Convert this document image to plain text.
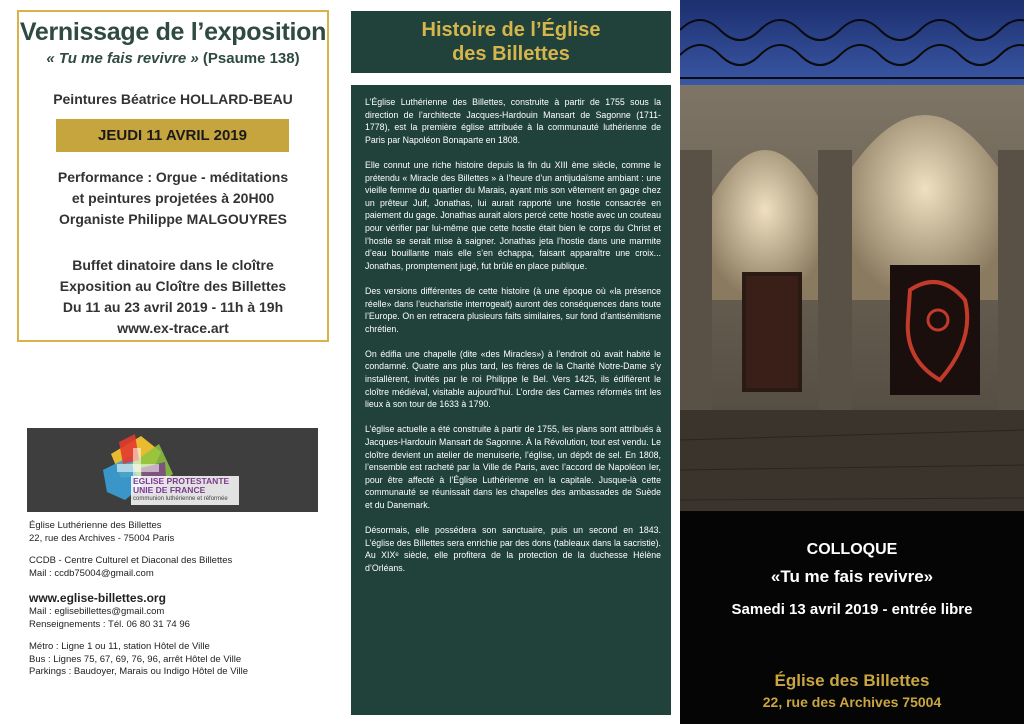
Vernissage de l’exposition
« Tu me fais revivre » (Psaume 138)
Peintures Béatrice HOLLARD-BEAU
JEUDI 11 AVRIL 2019
Performance : Orgue - méditations
et peintures projetées à 20H00
Organiste Philippe MALGOUYRES
Buffet dinatoire dans le cloître
Exposition au Cloître des Billettes
Du 11 au 23 avril 2019 - 11h à 19h
www.ex-trace.art
EGLISE PROTESTANTE
UNIE DE FRANCE
communion luthérienne et réformée
Église Luthérienne des Billettes
22, rue des Archives - 75004 Paris
CCDB - Centre Culturel et Diaconal des Billettes
Mail : ccdb75004@gmail.com
www.eglise-billettes.org
Mail : eglisebillettes@gmail.com
Renseignements : Tél. 06 80 31 74 96
Métro : Ligne 1 ou 11, station Hôtel de Ville
Bus : Lignes 75, 67, 69, 76, 96, arrêt Hôtel de Ville
Parkings : Baudoyer, Marais ou Indigo Hôtel de Ville
Histoire de l’Église
des Billettes

L’Église Luthérienne des Billettes, construite à partir de 1755 sous la direction de l’architecte Jacques-Hardouin Mansart de Sagonne (1711-1778), est la première église attribuée à la communauté luthérienne de Paris par Napoléon Bonaparte en 1808.

Elle connut une riche histoire depuis la fin du XIII ème siècle, comme le prétendu « Miracle des Billettes » à l’heure d’un antijudaïsme ambiant : une vieille femme du quartier du Marais, ayant mis son vêtement en gage chez un prêteur Juif, Jonathas, lui aurait rapporté une hostie consacrée en paiement du gage. Jonathas aurait alors percé cette hostie avec un couteau pour vérifier par lui-même que cette hostie était bien le corps du Christ et l’hostie se serait mise à saigner. Jonathas jeta l’hostie dans une marmite d’eau bouillante mais elle s’en échappa, faisant apparaître une croix... Jonathas, promptement jugé, fut brûlé en place publique.

Des versions différentes de cette histoire (à une époque où «la présence réelle» dans l’eucharistie interrogeait) auront des conséquences dans toute l’Europe. On en retracera plusieurs faits similaires, sur fond d’antisémitisme chrétien.

On édifia une chapelle (dite «des Miracles») à l’endroit où avait habité le condamné. Quatre ans plus tard, les frères de la Charité Notre-Dame s’y installèrent, invités par le roi Philippe le Bel. Vers 1425, ils édifièrent le cloître médiéval, visitable aujourd’hui. L’ordre des Carmes réformés tint les lieux à son tour de 1633 à 1790.

L’église actuelle a été construite à partir de 1755, les plans sont attribués à Jacques-Hardouin Mansart de Sagonne. À la Révolution, tout est vendu. Le cloître devient un atelier de menuiserie, l’église, un dépôt de sel. En 1808, l’ensemble est racheté par la Ville de Paris, avec l’accord de Napoléon Ier, pour être affecté à l’Église Luthérienne en la capitale. Jusque-là cette communauté se réunissait dans les chapelles des ambassades de Suède et du Danemark.

Désormais, elle possédera son sanctuaire, puis un second en 1843. L’église des Billettes sera enrichie par des dons (tableaux dans la sacristie). Au XIXᵉ siècle, elle profitera de la protection de la duchesse Hélène d’Orléans.

COLLOQUE
«Tu me fais revivre»
Samedi 13 avril 2019 - entrée libre
Église des Billettes
22, rue des Archives 75004
